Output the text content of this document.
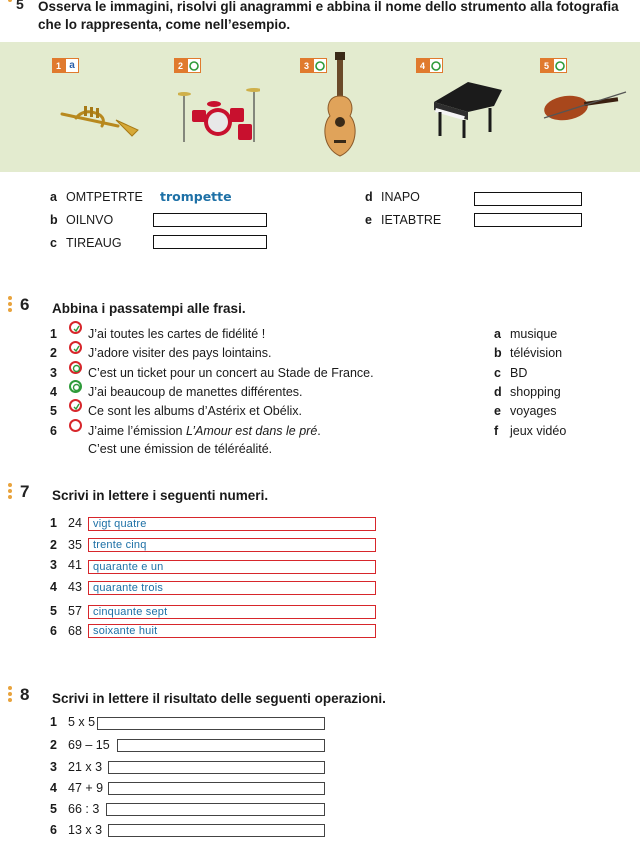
5 Osserva le immagini, risolvi gli anagrammi e abbina il nome dello strumento alla fotografia che lo rappresenta, come nell’esempio.
1 a	2	3	4	5
a OMTPETRTE trompette
b OILNVO
c TIREAUG
d INAPO
e IETABTRE
6 Abbina i passatempi alle frasi.
1 J’ai toutes les cartes de fidélité !
2 J’adore visiter des pays lointains.
3 C’est un ticket pour un concert au Stade de France.
4 J’ai beaucoup de manettes différentes.
5 Ce sont les albums d’Astérix et Obélix.
6 J’aime l’émission L’Amour est dans le pré.
C’est une émission de téléréalité.
a musique
b télévision
c BD
d shopping
e voyages
f jeux vidéo
7 Scrivi in lettere i seguenti numeri.
1 24 vigt quatre
2 35 trente cinq
3 41 quarante e un
4 43 quarante trois
5 57 cinquante sept
6 68 soixante huit
8 Scrivi in lettere il risultato delle seguenti operazioni.
1 5 x 5
2 69 – 15
3 21 x 3
4 47 + 9
5 66 : 3
6 13 x 3
